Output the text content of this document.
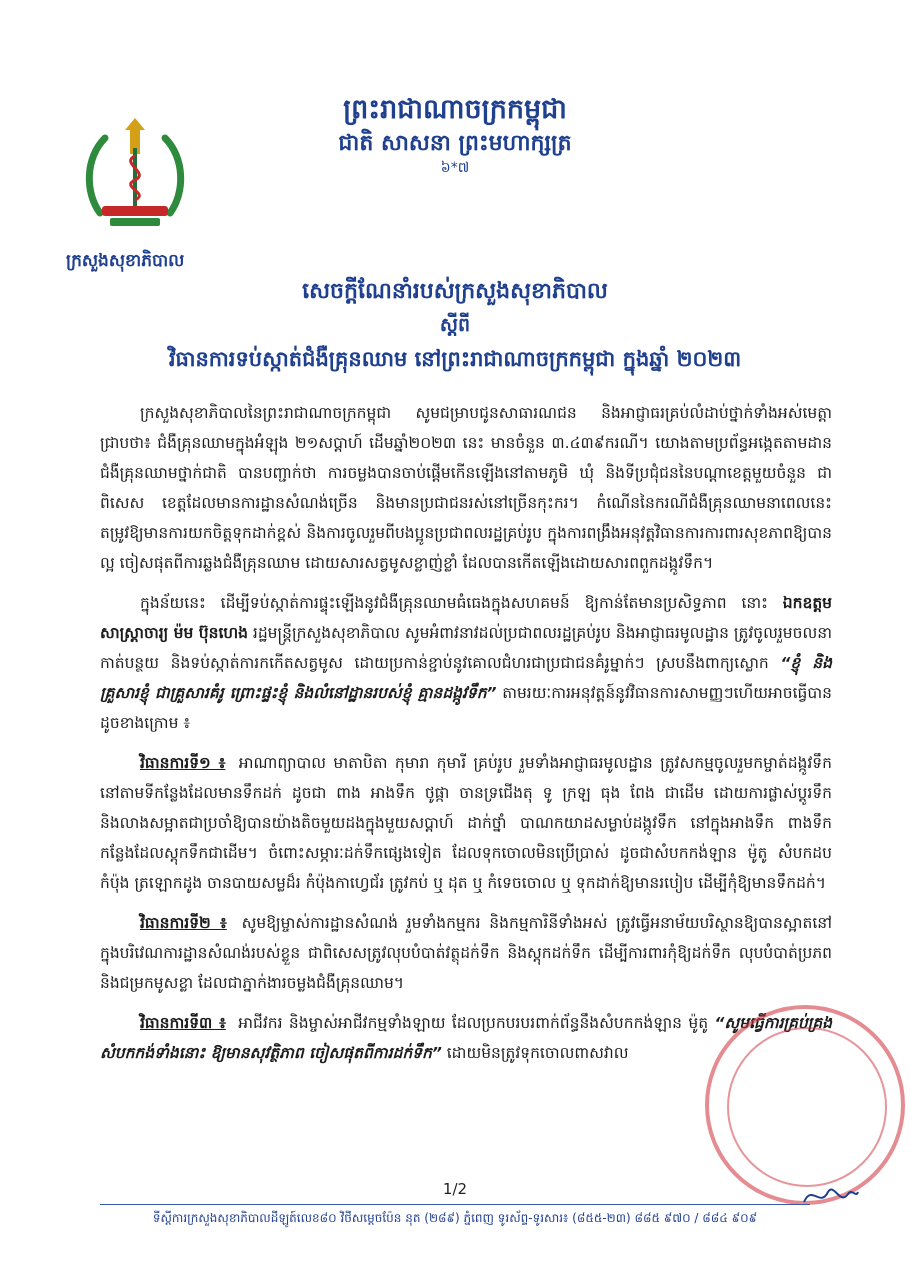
ព្រះរាជាណាចក្រកម្ពុជា
ជាតិ សាសនា ព្រះមហាក្សត្រ
៦*៧
ក្រសួងសុខាភិបាល
សេចក្តីណែនាំរបស់ក្រសួងសុខាភិបាល
ស្តីពី
វិធានការទប់ស្កាត់ជំងឺគ្រុនឈាម នៅព្រះរាជាណាចក្រកម្ពុជា ក្នុងឆ្នាំ ២០២៣

ក្រសួងសុខាភិបាលនៃព្រះរាជាណាចក្រកម្ពុជា សូមជម្រាបជូនសាធារណជន និងអាជ្ញាធរគ្រប់លំដាប់ថ្នាក់ទាំងអស់មេត្តាជ្រាបថា៖ ជំងឺគ្រុនឈាមក្នុងអំឡុង ២១សប្តាហ៍ ដើមឆ្នាំ២០២៣ នេះ មានចំនួន ៣.៤៣៩ករណី។ យោងតាមប្រព័ន្ធអង្កេតតាមដានជំងឺគ្រុនឈាមថ្នាក់ជាតិ បានបញ្ជាក់ថា ការចម្លងបានចាប់ផ្តើមកើនឡើងនៅតាមភូមិ ឃុំ និងទីប្រជុំជននៃបណ្តាខេត្តមួយចំនួន ជាពិសេស ខេត្តដែលមានការដ្ឋានសំណង់ច្រើន និងមានប្រជាជនរស់នៅច្រើនកុះករ។ កំណើននៃករណីជំងឺគ្រុនឈាមនាពេលនេះ តម្រូវឱ្យមានការយកចិត្តទុកដាក់ខ្ពស់ និងការចូលរួមពីបងប្អូនប្រជាពលរដ្ឋគ្រប់រូប ក្នុងការពង្រឹងអនុវត្តវិធានការការពារសុខភាពឱ្យបានល្អ ចៀសផុតពីការឆ្លងជំងឺគ្រុនឈាម ដោយសារសត្វមូសខ្លាញ់ខ្លាំ ដែលបានកើតឡើងដោយសារពពួកដង្កូវទឹក។

ក្នុងន័យនេះ ដើម្បីទប់ស្កាត់ការផ្ទុះឡើងនូវជំងឺគ្រុនឈាមធំធេងក្នុងសហគមន៍ ឱ្យកាន់តែមានប្រសិទ្ធភាព នោះ ឯកឧត្តមសាស្ត្រាចារ្យ ម៉ម ប៊ុនហេង រដ្ឋមន្ត្រីក្រសួងសុខាភិបាល សូមអំពាវនាវដល់ប្រជាពលរដ្ឋគ្រប់រូប និងអាជ្ញាធរមូលដ្ឋាន ត្រូវចូលរួមចលនាកាត់បន្ថយ និងទប់ស្កាត់ការកកើតសត្វមូស ដោយប្រកាន់ខ្ជាប់នូវគោលជំហរជាប្រជាជនគំរូម្នាក់ៗ ស្របនឹងពាក្យស្លោក “ខ្ញុំ និងគ្រួសារខ្ញុំ ជាគ្រួសារគំរូ ព្រោះផ្ទះខ្ញុំ និងលំនៅដ្ឋានរបស់ខ្ញុំ គ្មានដង្កូវទឹក” តាមរយៈការអនុវត្តន៍នូវវិធានការសាមញ្ញៗហើយអាចធ្វើបានដូចខាងក្រោម ៖

វិធានការទី១ ៖ អាណាព្យាបាល មាតាបិតា កុមារា កុមារី គ្រប់រូប រួមទាំងអាជ្ញាធរមូលដ្ឋាន ត្រូវសកម្មចូលរួមកម្ចាត់ដង្កូវទឹកនៅតាមទីកន្លែងដែលមានទឹកដក់ ដូចជា ពាង អាងទឹក ថូផ្កា ចានទ្រជើងតុ ទូ ក្រឡ ធុង ពែង ជាដើម ដោយការផ្លាស់ប្តូរទឹក និងលាងសម្អាតជាប្រចាំឱ្យបានយ៉ាងតិចមួយដងក្នុងមួយសប្តាហ៍ ដាក់ថ្នាំ បាណកយាដសម្លាប់ដង្កូវទឹក នៅក្នុងអាងទឹក ពាងទឹក កន្លែងដែលស្តុកទឹកជាដើម។ ចំពោះសម្ភារៈដក់ទឹកផ្សេងទៀត ដែលទុកចោលមិនប្រើប្រាស់ ដូចជាសំបកកង់ឡាន ម៉ូតូ សំបកដប កំប៉ុង ត្រឡោកដូង ចានបាយសម្លដ៏រ កំប៉ុងកាហ្វេជ័រ ត្រូវកប់ ឬ ដុត ឬ កំទេចចោល ឬ ទុកដាក់ឱ្យមានរបៀប ដើម្បីកុំឱ្យមានទឹកដក់។

វិធានការទី២ ៖ សូមឱ្យម្ចាស់ការដ្ឋានសំណង់ រួមទាំងកម្មករ និងកម្មការិនីទាំងអស់ ត្រូវធ្វើអនាម័យបរិស្ថានឱ្យបានស្អាតនៅក្នុងបរិវេណការដ្ឋានសំណង់របស់ខ្លួន ជាពិសេសត្រូវលុបបំបាត់វត្ថុដក់ទឹក និងស្តុកដក់ទឹក ដើម្បីការពារកុំឱ្យដក់ទឹក លុបបំបាត់ប្រភព និងជម្រកមូសខ្លា ដែលជាភ្នាក់ងារចម្លងជំងឺគ្រុនឈាម។

វិធានការទី៣ ៖ អាជីវករ និងម្ចាស់អាជីវកម្មទាំងឡាយ ដែលប្រកបរបរពាក់ព័ន្ធនឹងសំបកកង់ឡាន ម៉ូតូ “សូមធ្វើការគ្រប់គ្រងសំបកកង់ទាំងនោះ ឱ្យមានសុវត្ថិភាព ចៀសផុតពីការដក់ទឹក” ដោយមិនត្រូវទុកចោលពាសវាល

1/2
ទីស្តីការក្រសួងសុខាភិបាលដីឡូត៍លេខ៨០ វិថីសម្តេចប៉ែន នុត (២៨៩) ភ្នំពេញ ទូរស័ព្ទ-ទូរសារ៖ (៨៥៥-២៣) ៨៨៥ ៩៧០ / ៨៨៤ ៩០៩
